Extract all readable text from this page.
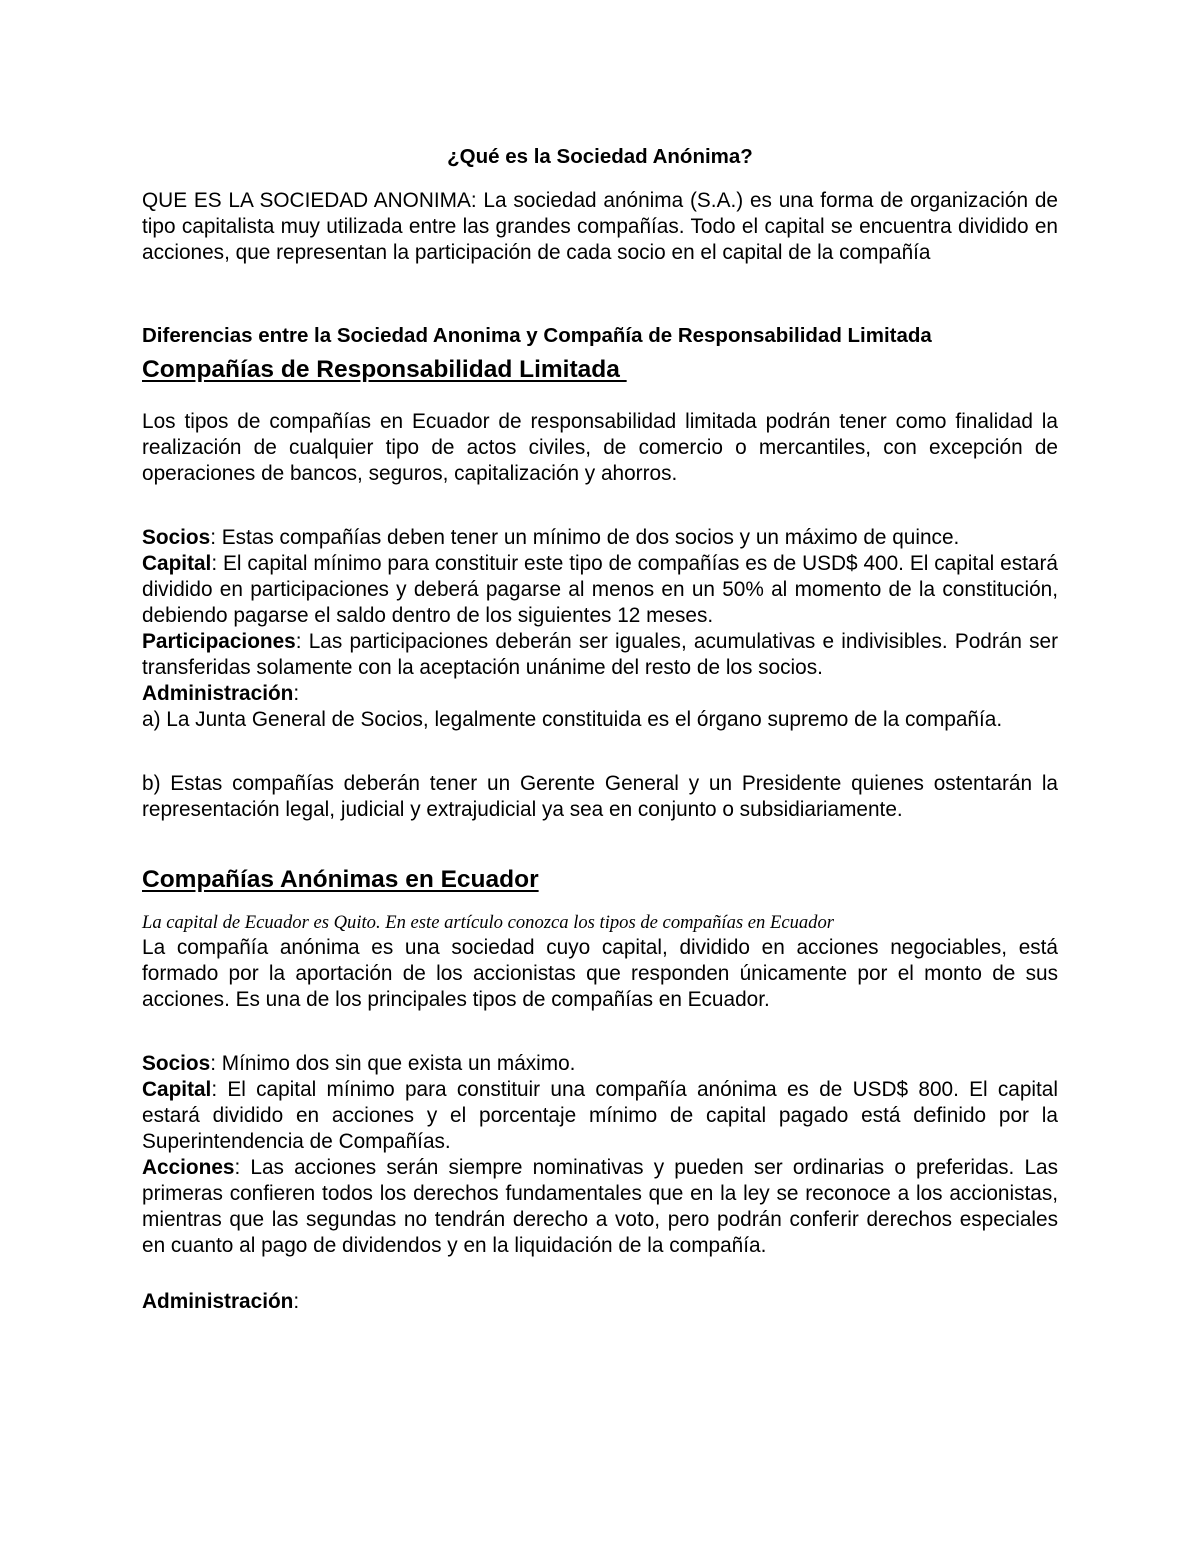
¿Qué es la Sociedad Anónima?

QUE ES LA SOCIEDAD ANONIMA: La sociedad anónima (S.A.) es una forma de organización de tipo capitalista muy utilizada entre las grandes compañías. Todo el capital se encuentra dividido en acciones, que representan la participación de cada socio en el capital de la compañía

Diferencias entre la Sociedad Anonima y Compañía de Responsabilidad Limitada

Compañías de Responsabilidad Limitada

Los tipos de compañías en Ecuador de responsabilidad limitada podrán tener como finalidad la realización de cualquier tipo de actos civiles, de comercio o mercantiles, con excepción de operaciones de bancos, seguros, capitalización y ahorros.

Socios: Estas compañías deben tener un mínimo de dos socios y un máximo de quince.

Capital: El capital mínimo para constituir este tipo de compañías es de USD$ 400. El capital estará dividido en participaciones y deberá pagarse al menos en un 50% al momento de la constitución, debiendo pagarse el saldo dentro de los siguientes 12 meses.

Participaciones: Las participaciones deberán ser iguales, acumulativas e indivisibles. Podrán ser transferidas solamente con la aceptación unánime del resto de los socios.

Administración:

a) La Junta General de Socios, legalmente constituida es el órgano supremo de la compañía.

b) Estas compañías deberán tener un Gerente General y un Presidente quienes ostentarán la representación legal, judicial y extrajudicial ya sea en conjunto o subsidiariamente.

Compañías Anónimas en Ecuador

La capital de Ecuador es Quito. En este artículo conozca los tipos de compañías en Ecuador

La compañía anónima es una sociedad cuyo capital, dividido en acciones negociables, está formado por la aportación de los accionistas que responden únicamente por el monto de sus acciones. Es una de los principales tipos de compañías en Ecuador.

Socios: Mínimo dos sin que exista un máximo.

Capital: El capital mínimo para constituir una compañía anónima es de USD$ 800. El capital estará dividido en acciones y el porcentaje mínimo de capital pagado está definido por la Superintendencia de Compañías.

Acciones: Las acciones serán siempre nominativas y pueden ser ordinarias o preferidas. Las primeras confieren todos los derechos fundamentales que en la ley se reconoce a los accionistas, mientras que las segundas no tendrán derecho a voto, pero podrán conferir derechos especiales en cuanto al pago de dividendos y en la liquidación de la compañía.

Administración:
